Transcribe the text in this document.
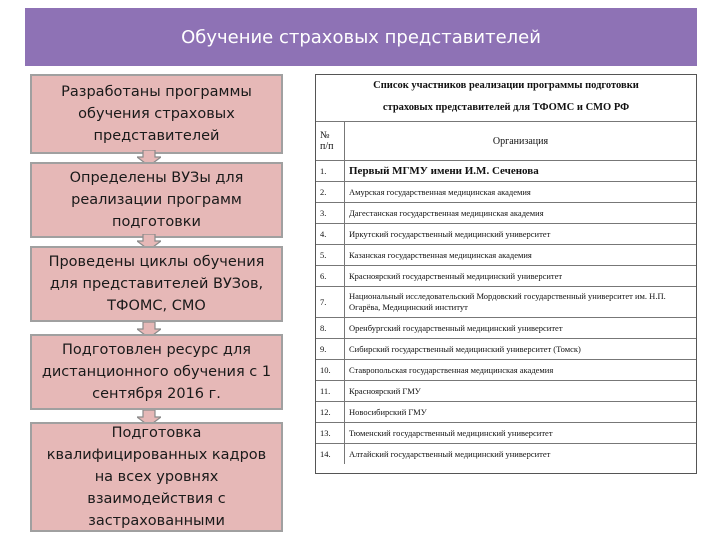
Обучение страховых представителей
Разработаны программы обучения страховых представителей
Определены ВУЗы для реализации программ подготовки
Проведены циклы обучения для представителей ВУЗов, ТФОМС, СМО
Подготовлен ресурс для дистанционного обучения с 1 сентября 2016 г.
Подготовка квалифицированных кадров на всех уровнях взаимодействия с застрахованными
Список участников реализации программы подготовки
страховых представителей для ТФОМС и СМО РФ
№ п/п	Организация
1.	Первый МГМУ имени И.М. Сеченова
2.	Амурская государственная медицинская академия
3.	Дагестанская государственная медицинская академия
4.	Иркутский государственный медицинский университет
5.	Казанская государственная медицинская академия
6.	Красноярский государственный медицинский университет
7.	Национальный исследовательский Мордовский государственный университет им. Н.П. Огарёва, Медицинский институт
8.	Оренбургский государственный медицинский университет
9.	Сибирский государственный медицинский университет (Томск)
10.	Ставропольская государственная медицинская академия
11.	Красноярский ГМУ
12.	Новосибирский ГМУ
13.	Тюменский государственный медицинский университет
14.	Алтайский государственный медицинский университет
